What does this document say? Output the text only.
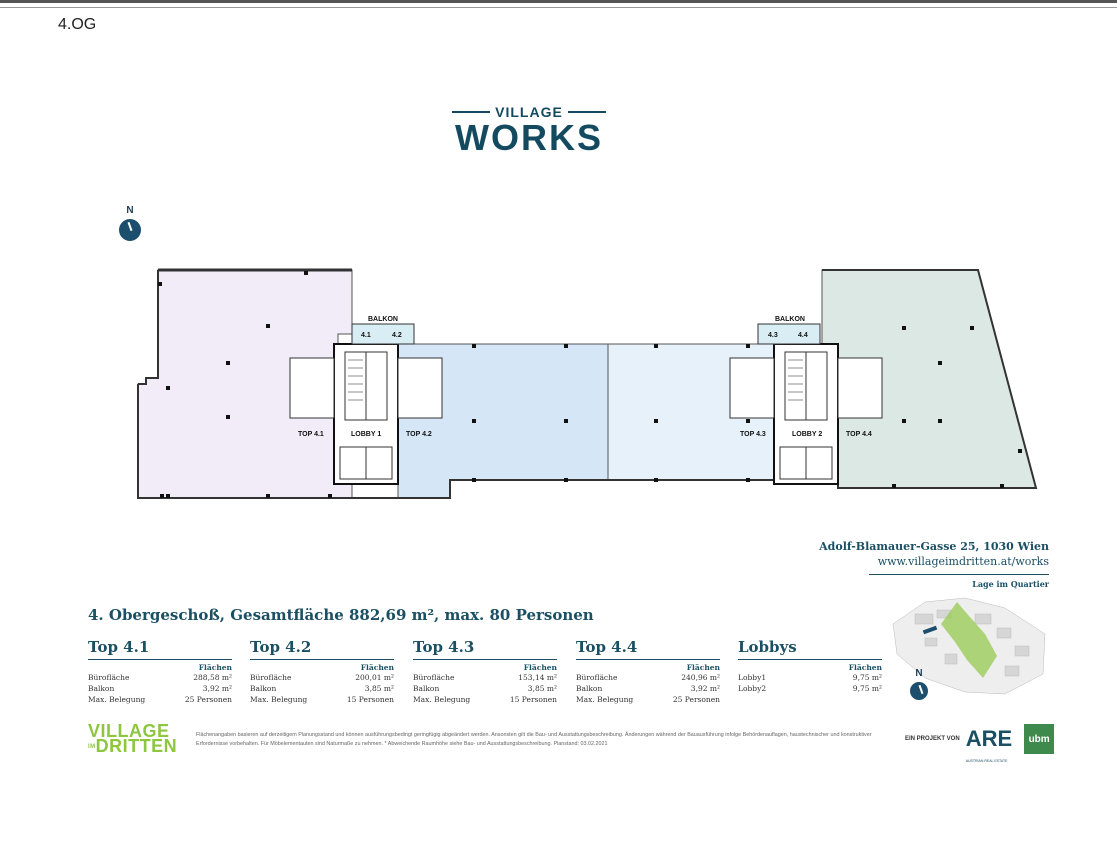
4.OG
VILLAGE
WORKS
N
BALKON
4.1	4.2
BALKON
4.3	4.4
TOP 4.1	LOBBY 1	TOP 4.2	TOP 4.3	LOBBY 2	TOP 4.4
Adolf-Blamauer-Gasse 25, 1030 Wien
www.villageimdritten.at/works
Lage im Quartier
N
4. Obergeschoß, Gesamtfläche 882,69 m², max. 80 Personen
Top 4.1
Flächen
Bürofläche	288,58 m²
Balkon	3,92 m²
Max. Belegung	25 Personen
Top 4.2
Flächen
Bürofläche	200,01 m²
Balkon	3,85 m²
Max. Belegung	15 Personen
Top 4.3
Flächen
Bürofläche	153,14 m²
Balkon	3,85 m²
Max. Belegung	15 Personen
Top 4.4
Flächen
Bürofläche	240,96 m²
Balkon	3,92 m²
Max. Belegung	25 Personen
Lobbys
Flächen
Lobby1	9,75 m²
Lobby2	9,75 m²
VILLAGE
IMDRITTEN
Flächenangaben basieren auf derzeitigem Planungsstand und können ausführungsbedingt geringfügig abgeändert werden. Ansonsten gilt die Bau- und Ausstattungsbeschreibung. Änderungen während der Bauausführung infolge Behördenauflagen, haustechnischer und konstruktiver Erfordernisse vorbehalten. Für Möbelementauten sind Naturmaße zu nehmen. * Abweichende Raumhöhe siehe Bau- und Ausstattungsbeschreibung. Planstand: 03.02.2021
EIN PROJEKT VON ARE
AUSTRIAN REAL ESTATE
ubm
